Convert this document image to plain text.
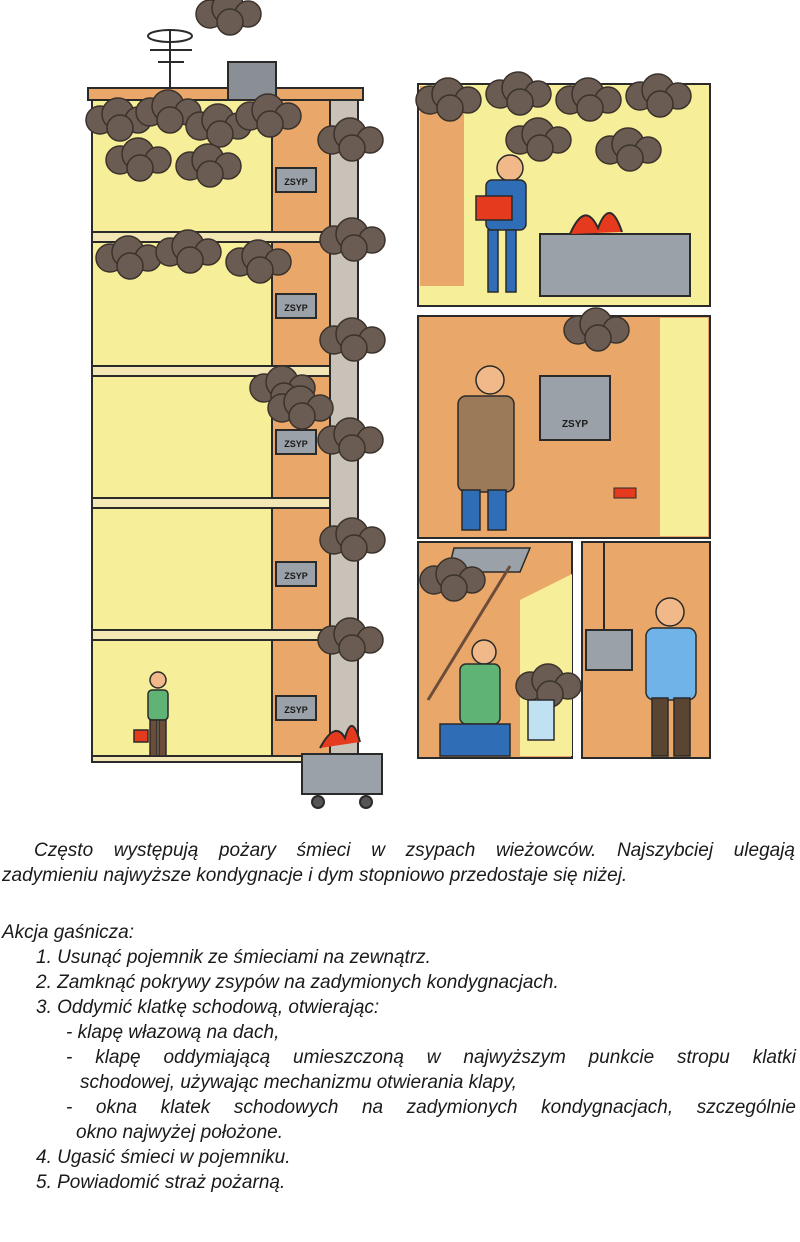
ZSYP
ZSYP
ZSYP
ZSYP
ZSYP
ZSYP
Często występują pożary śmieci w zsypach wieżowców. Najszybciej ulegają
zadymieniu najwyższe kondygnacje i dym stopniowo przedostaje się niżej.
Akcja gaśnicza:
1. Usunąć pojemnik ze śmieciami na zewnątrz.
2. Zamknąć pokrywy zsypów na zadymionych kondygnacjach.
3. Oddymić klatkę schodową, otwierając:
- klapę włazową na dach,
- klapę oddymiającą umieszczoną w najwyższym punkcie stropu klatki
schodowej, używając mechanizmu otwierania klapy,
- okna klatek schodowych na zadymionych kondygnacjach, szczególnie
okno najwyżej położone.
4. Ugasić śmieci w pojemniku.
5. Powiadomić straż pożarną.
